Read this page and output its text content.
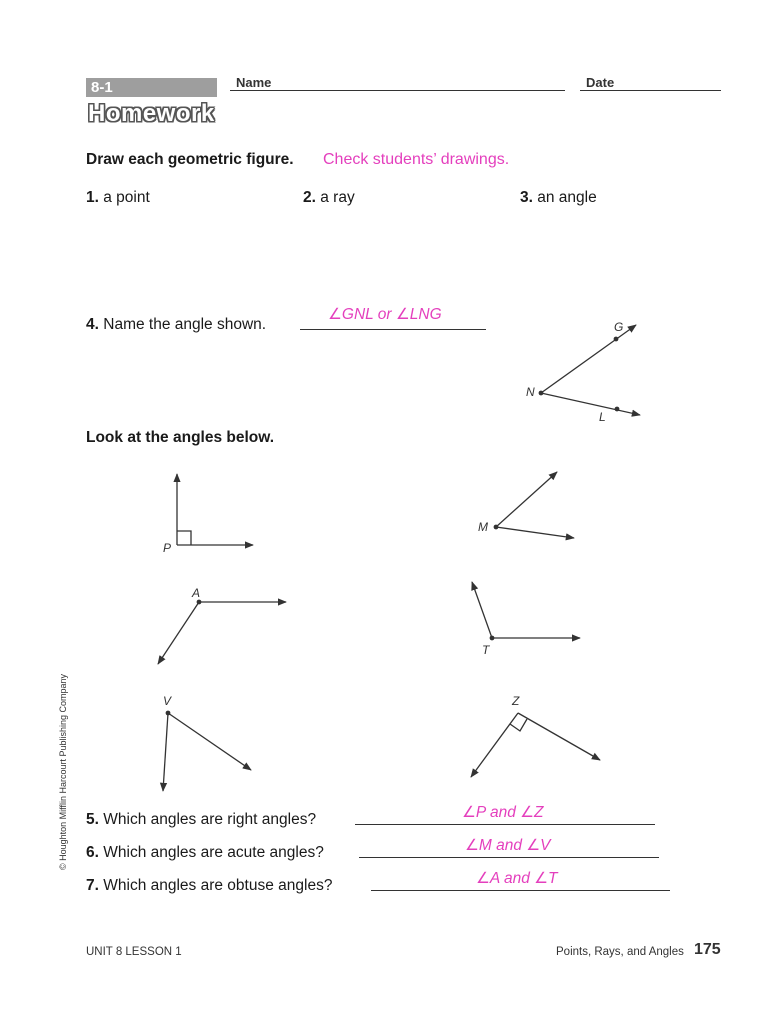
8-1
Homework
Name	Date
Draw each geometric figure. Check students’ drawings.
1. a point	2. a ray	3. an angle
4. Name the angle shown.
∠GNL or ∠LNG
Look at the angles below.
G
N
L
P
M
A
T
V	Z
© Houghton Mifflin Harcourt Publishing Company 5. Which angles are right angles?	∠P and ∠Z
6. Which angles are acute angles?	∠M and ∠V
7. Which angles are obtuse angles?	∠A and ∠T
UNIT 8 LESSON 1	Points, Rays, and Angles 175
